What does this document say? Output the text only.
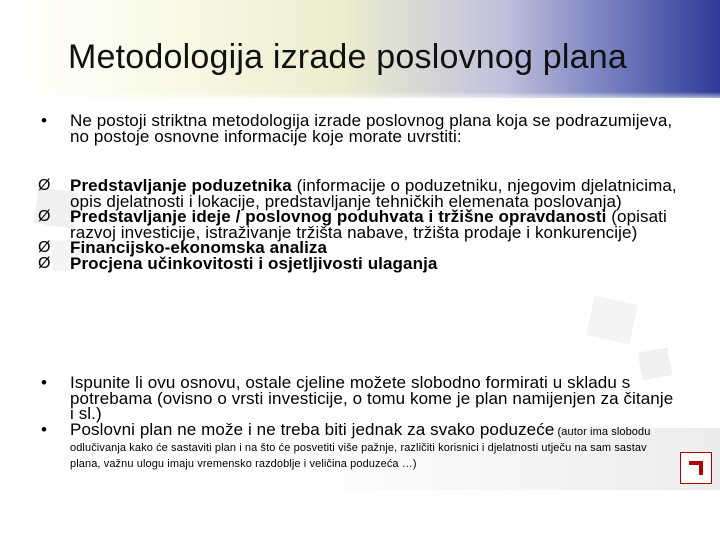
Metodologija izrade poslovnog plana
•	Ne postoji striktna metodologija izrade poslovnog plana koja se podrazumijeva, no postoje osnovne informacije koje morate uvrstiti:
Ø	Predstavljanje poduzetnika (informacije o poduzetniku, njegovim djelatnicima, opis djelatnosti i lokacije, predstavljanje tehničkih elemenata poslovanja)
Ø	Predstavljanje ideje / poslovnog poduhvata i tržišne opravdanosti (opisati razvoj investicije, istraživanje tržišta nabave, tržišta prodaje i konkurencije)
Ø	Financijsko-ekonomska analiza
Ø	Procjena učinkovitosti i osjetljivosti ulaganja
•	Ispunite li ovu osnovu, ostale cjeline možete slobodno formirati u skladu s potrebama (ovisno o vrsti investicije, o tomu kome je plan namijenjen za čitanje i sl.)
•	Poslovni plan ne može i ne treba biti jednak za svako poduzeće (autor ima slobodu odlučivanja kako će sastaviti plan i na što će posvetiti više pažnje, različiti korisnici i djelatnosti utječu na sam sastav plana, važnu ulogu imaju vremensko razdoblje i veličina poduzeća …)
